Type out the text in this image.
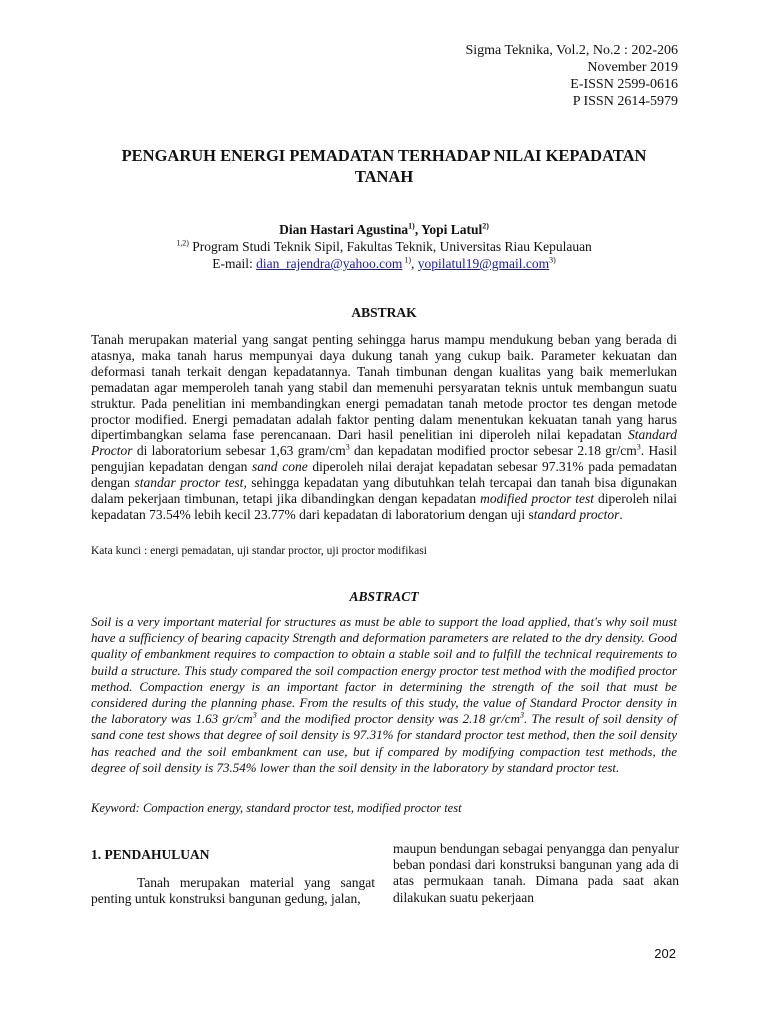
Sigma Teknika, Vol.2, No.2 : 202-206
November 2019
E-ISSN 2599-0616
P ISSN 2614-5979
PENGARUH ENERGI PEMADATAN TERHADAP NILAI KEPADATAN
TANAH
Dian Hastari Agustina$^{1)}$, Yopi Latul$^{2)}$
$^{1,2)}$ Program Studi Teknik Sipil, Fakultas Teknik, Universitas Riau Kepulauan
E-mail: dian_rajendra@yahoo.com $^{1)}$, yopilatul19@gmail.com$^{3)}$
ABSTRAK

Tanah merupakan material yang sangat penting sehingga harus mampu mendukung beban yang berada di atasnya, maka tanah harus mempunyai daya dukung tanah yang cukup baik. Parameter kekuatan dan deformasi tanah terkait dengan kepadatannya. Tanah timbunan dengan kualitas yang baik memerlukan pemadatan agar memperoleh tanah yang stabil dan memenuhi persyaratan teknis untuk membangun suatu struktur. Pada penelitian ini membandingkan energi pemadatan tanah metode proctor tes dengan metode proctor modified. Energi pemadatan adalah faktor penting dalam menentukan kekuatan tanah yang harus dipertimbangkan selama fase perencanaan. Dari hasil penelitian ini diperoleh nilai kepadatan Standard Proctor di laboratorium sebesar 1,63 gram/$cm^3$ dan kepadatan modified proctor sebesar 2.18 $gr/cm^3$. Hasil pengujian kepadatan dengan sand cone diperoleh nilai derajat kepadatan sebesar 97.31% pada pemadatan dengan standar proctor test, sehingga kepadatan yang dibutuhkan telah tercapai dan tanah bisa digunakan dalam pekerjaan timbunan, tetapi jika dibandingkan dengan kepadatan modified proctor test diperoleh nilai kepadatan 73.54% lebih kecil 23.77% dari kepadatan di laboratorium dengan uji standard proctor.

Kata kunci : energi pemadatan, uji standar proctor, uji proctor modifikasi
ABSTRACT

Soil is a very important material for structures as must be able to support the load applied, that's why soil must have a sufficiency of bearing capacity Strength and deformation parameters are related to the dry density. Good quality of embankment requires to compaction to obtain a stable soil and to fulfill the technical requirements to build a structure. This study compared the soil compaction energy proctor test method with the modified proctor method. Compaction energy is an important factor in determining the strength of the soil that must be considered during the planning phase. From the results of this study, the value of Standard Proctor density in the laboratory was 1.63 $gr/cm^3$ and the modified proctor density was 2.18 $gr/cm^3$. The result of soil density of sand cone test shows that degree of soil density is 97.31% for standard proctor test method, then the soil density has reached and the soil embankment can use, but if compared by modifying compaction test methods, the degree of soil density is 73.54% lower than the soil density in the laboratory by standard proctor test.

Keyword: Compaction energy, standard proctor test, modified proctor test
1. PENDAHULUAN
Tanah merupakan material yang sangat penting untuk konstruksi bangunan gedung, jalan,
maupun bendungan sebagai penyangga dan penyalur beban pondasi dari konstruksi bangunan yang ada di atas permukaan tanah. Dimana pada saat akan dilakukan suatu pekerjaan
202
